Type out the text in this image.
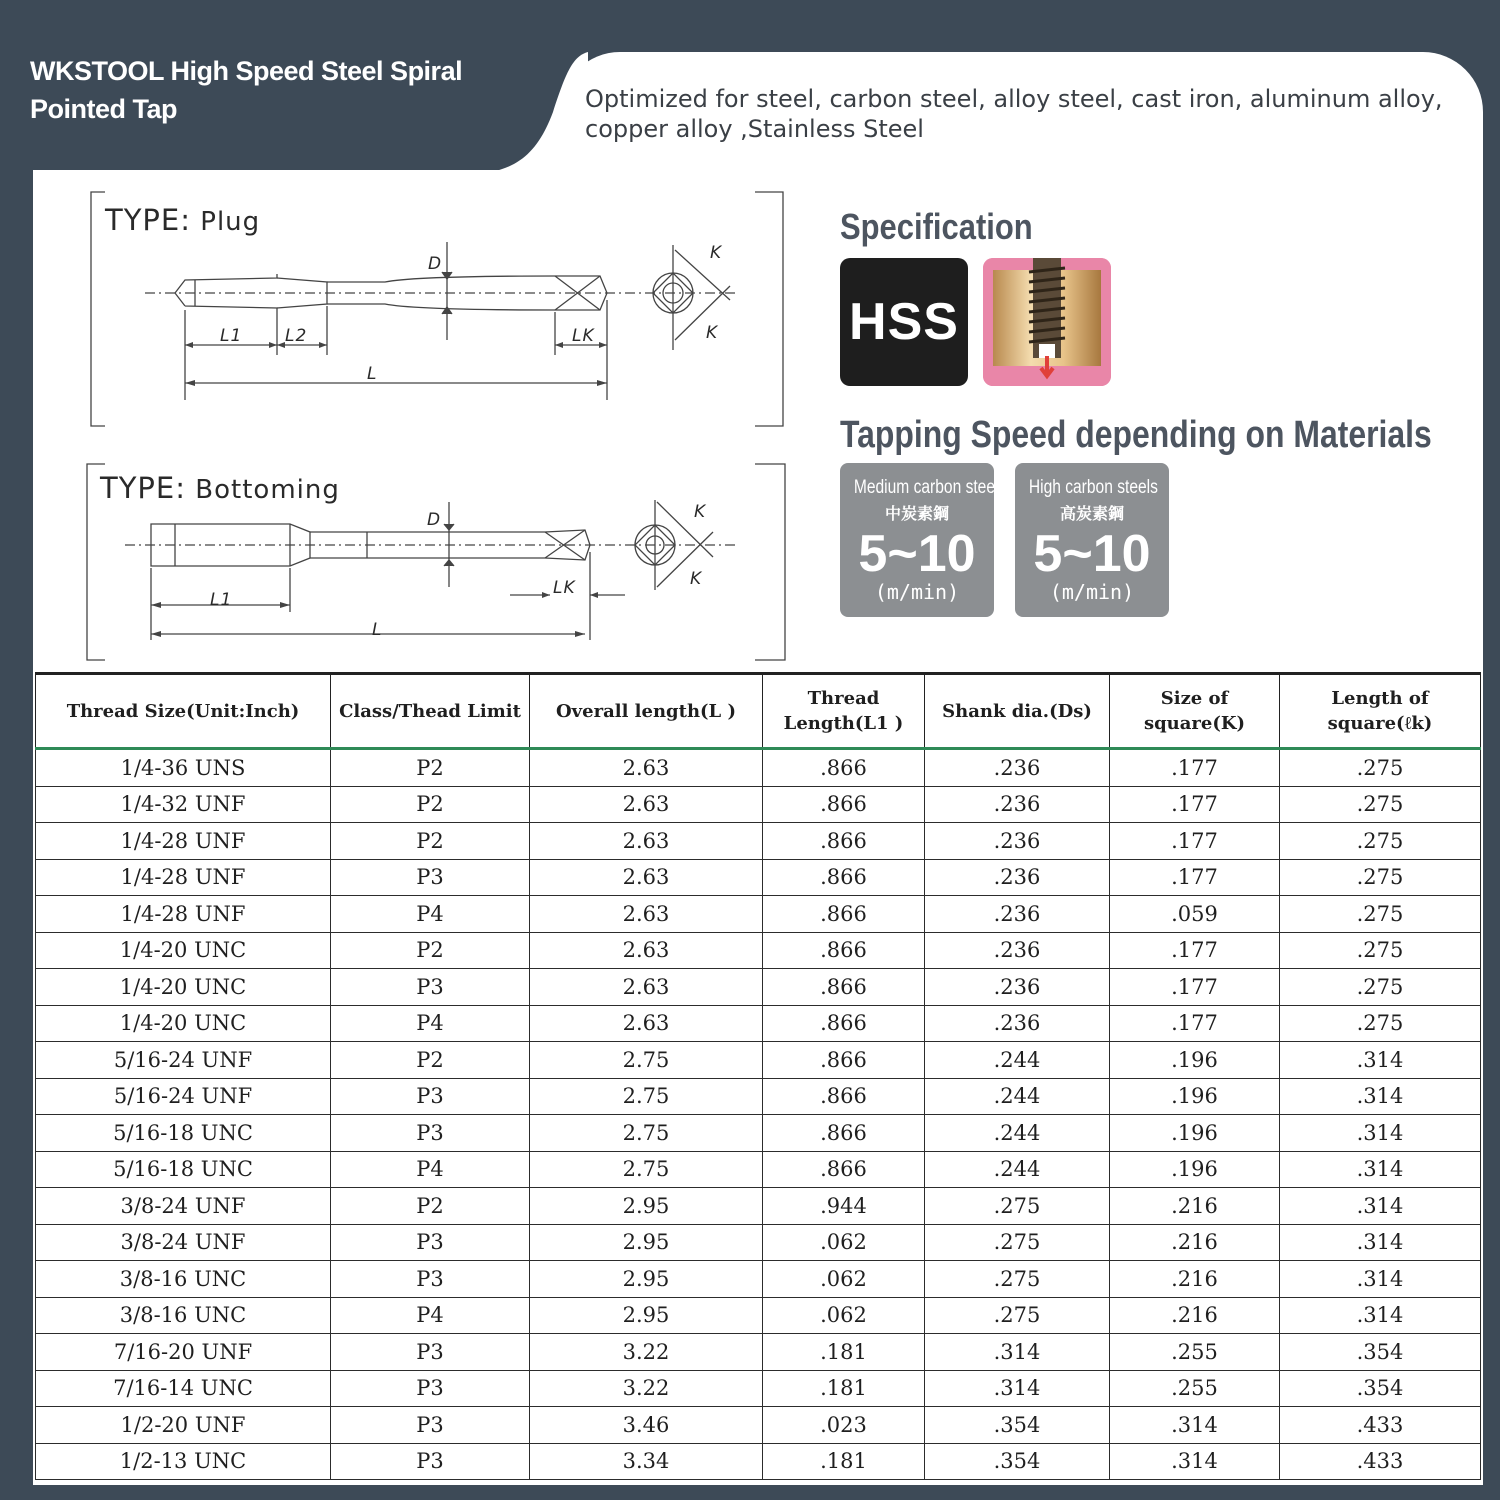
WKSTOOL High Speed Steel Spiral Pointed Tap	Optimized for steel, carbon steel, alloy steel, cast iron, aluminum alloy, copper alloy ,Stainless Steel
TYPE: Plug
D
L1	L2	LK
L
K
K
TYPE: Bottoming
D
L1
LK
L
K
K
Specification
HSS
Tapping Speed depending on Materials
Medium carbon steels
中炭素鋼
5~10
(m/min)
High carbon steels
高炭素鋼
5~10
(m/min)
Thread Size(Unit:Inch)	Class/Thead Limit	Overall length(L )	Thread Length(L1 )	Shank dia.(Ds)	Size of square(K)	Length of square(ℓk)
1/4-36 UNS	P2	2.63	.866	.236	.177	.275
1/4-32 UNF	P2	2.63	.866	.236	.177	.275
1/4-28 UNF	P2	2.63	.866	.236	.177	.275
1/4-28 UNF	P3	2.63	.866	.236	.177	.275
1/4-28 UNF	P4	2.63	.866	.236	.059	.275
1/4-20 UNC	P2	2.63	.866	.236	.177	.275
1/4-20 UNC	P3	2.63	.866	.236	.177	.275
1/4-20 UNC	P4	2.63	.866	.236	.177	.275
5/16-24 UNF	P2	2.75	.866	.244	.196	.314
5/16-24 UNF	P3	2.75	.866	.244	.196	.314
5/16-18 UNC	P3	2.75	.866	.244	.196	.314
5/16-18 UNC	P4	2.75	.866	.244	.196	.314
3/8-24 UNF	P2	2.95	.944	.275	.216	.314
3/8-24 UNF	P3	2.95	.062	.275	.216	.314
3/8-16 UNC	P3	2.95	.062	.275	.216	.314
3/8-16 UNC	P4	2.95	.062	.275	.216	.314
7/16-20 UNF	P3	3.22	.181	.314	.255	.354
7/16-14 UNC	P3	3.22	.181	.314	.255	.354
1/2-20 UNF	P3	3.46	.023	.354	.314	.433
1/2-13 UNC	P3	3.34	.181	.354	.314	.433
